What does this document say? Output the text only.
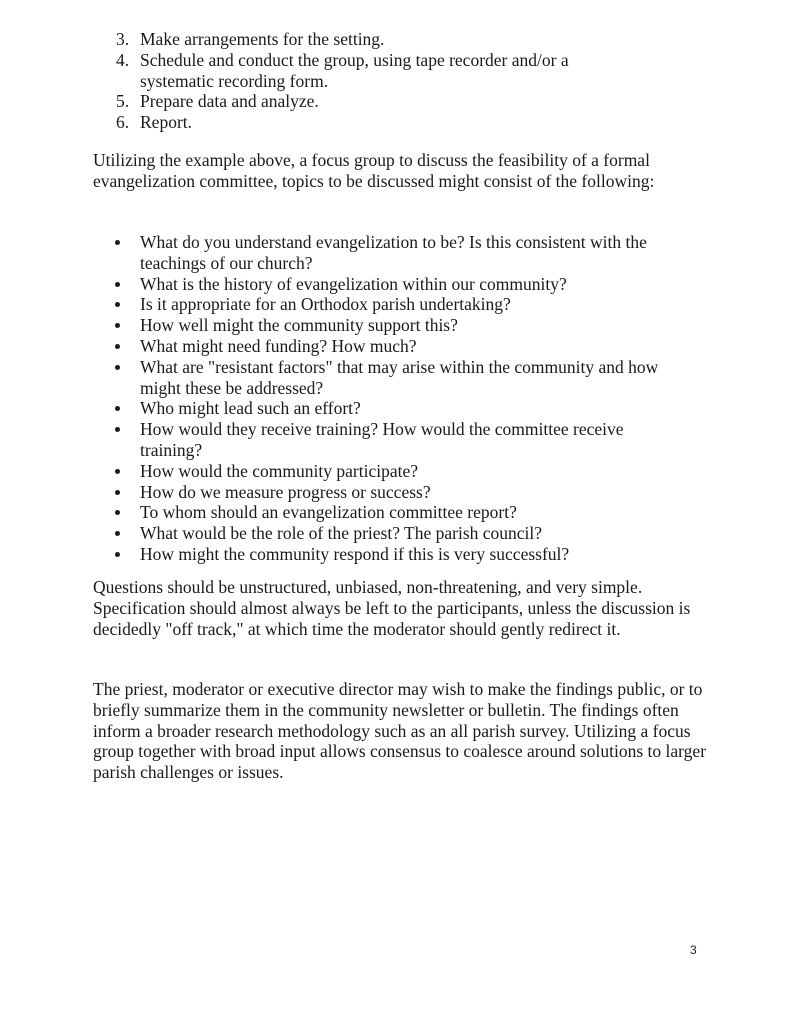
3. Make arrangements for the setting.
4. Schedule and conduct the group, using tape recorder and/or a systematic recording form.
5. Prepare data and analyze.
6. Report.

Utilizing the example above, a focus group to discuss the feasibility of a formal evangelization committee, topics to be discussed might consist of the following:

What do you understand evangelization to be? Is this consistent with the teachings of our church?
What is the history of evangelization within our community?
Is it appropriate for an Orthodox parish undertaking?
How well might the community support this?
What might need funding? How much?
What are "resistant factors" that may arise within the community and how might these be addressed?
Who might lead such an effort?
How would they receive training? How would the committee receive training?
How would the community participate?
How do we measure progress or success?
To whom should an evangelization committee report?
What would be the role of the priest? The parish council?
How might the community respond if this is very successful?

Questions should be unstructured, unbiased, non-threatening, and very simple. Specification should almost always be left to the participants, unless the discussion is decidedly "off track," at which time the moderator should gently redirect it.

The priest, moderator or executive director may wish to make the findings public, or to briefly summarize them in the community newsletter or bulletin. The findings often inform a broader research methodology such as an all parish survey. Utilizing a focus group together with broad input allows consensus to coalesce around solutions to larger parish challenges or issues.

3
